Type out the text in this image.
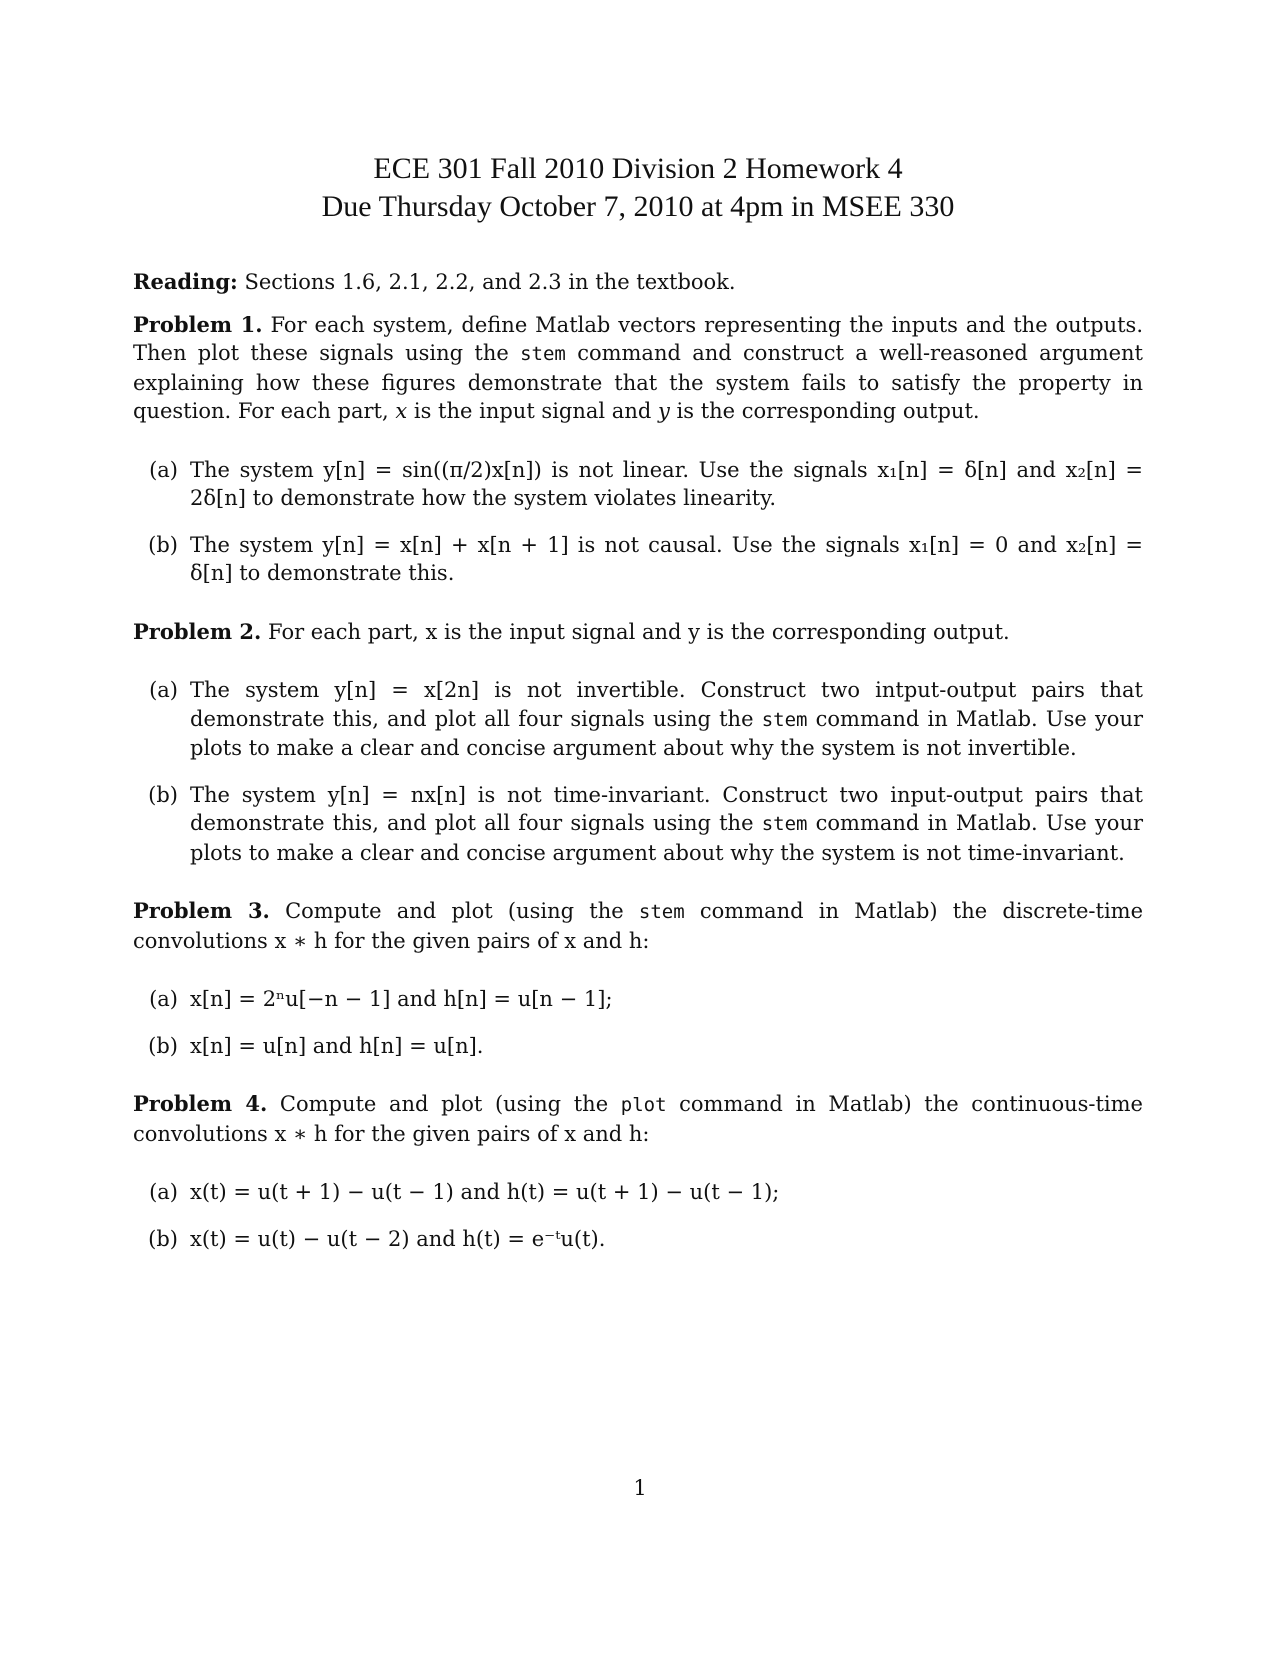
ECE 301 Fall 2010 Division 2 Homework 4
Due Thursday October 7, 2010 at 4pm in MSEE 330

Reading: Sections 1.6, 2.1, 2.2, and 2.3 in the textbook.

Problem 1. For each system, define Matlab vectors representing the inputs and the outputs. Then plot these signals using the stem command and construct a well-reasoned argument explaining how these figures demonstrate that the system fails to satisfy the property in question. For each part, x is the input signal and y is the corresponding output.

(a) The system y[n] = sin((π/2)x[n]) is not linear. Use the signals x₁[n] = δ[n] and x₂[n] = 2δ[n] to demonstrate how the system violates linearity.
(b) The system y[n] = x[n] + x[n + 1] is not causal. Use the signals x₁[n] = 0 and x₂[n] = δ[n] to demonstrate this.

Problem 2. For each part, x is the input signal and y is the corresponding output.

(a) The system y[n] = x[2n] is not invertible. Construct two intput-output pairs that demonstrate this, and plot all four signals using the stem command in Matlab. Use your plots to make a clear and concise argument about why the system is not invertible.
(b) The system y[n] = nx[n] is not time-invariant. Construct two input-output pairs that demonstrate this, and plot all four signals using the stem command in Matlab. Use your plots to make a clear and concise argument about why the system is not time-invariant.

Problem 3. Compute and plot (using the stem command in Matlab) the discrete-time convolutions x ∗ h for the given pairs of x and h:

(a) x[n] = 2ⁿu[−n − 1] and h[n] = u[n − 1];
(b) x[n] = u[n] and h[n] = u[n].

Problem 4. Compute and plot (using the plot command in Matlab) the continuous-time convolutions x ∗ h for the given pairs of x and h:

(a) x(t) = u(t + 1) − u(t − 1) and h(t) = u(t + 1) − u(t − 1);
(b) x(t) = u(t) − u(t − 2) and h(t) = e⁻ᵗu(t).
1
